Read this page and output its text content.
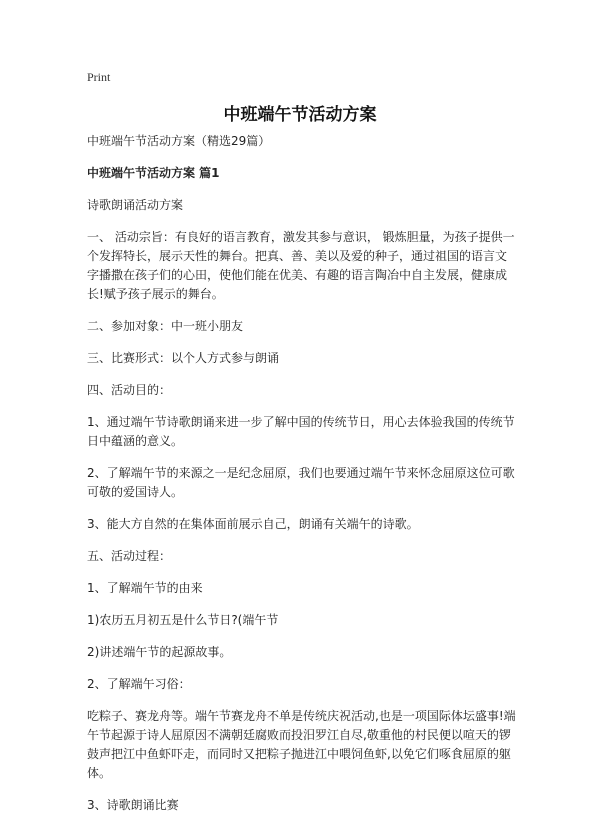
Print
中班端午节活动方案

中班端午节活动方案（精选29篇）

中班端午节活动方案 篇1

诗歌朗诵活动方案

一、 活动宗旨：有良好的语言教育，激发其参与意识， 锻炼胆量，为孩子提供一个发挥特长，展示天性的舞台。把真、善、美以及爱的种子，通过祖国的语言文字播撒在孩子们的心田，使他们能在优美、有趣的语言陶冶中自主发展，健康成长!赋予孩子展示的舞台。

二、参加对象：中一班小朋友

三、比赛形式：以个人方式参与朗诵

四、活动目的：

1、通过端午节诗歌朗诵来进一步了解中国的传统节日，用心去体验我国的传统节日中蕴涵的意义。

2、了解端午节的来源之一是纪念屈原，我们也要通过端午节来怀念屈原这位可歌可敬的爱国诗人。

3、能大方自然的在集体面前展示自己，朗诵有关端午的诗歌。

五、活动过程：

1、了解端午节的由来

1)农历五月初五是什么节日?(端午节

2)讲述端午节的起源故事。

2、了解端午习俗：

吃粽子、赛龙舟等。端午节赛龙舟不单是传统庆祝活动,也是一项国际体坛盛事!端午节起源于诗人屈原因不满朝廷腐败而投汨罗江自尽,敬重他的村民便以喧天的锣鼓声把江中鱼虾吓走，而同时又把粽子抛进江中喂饲鱼虾,以免它们啄食屈原的躯体。

3、诗歌朗诵比赛
